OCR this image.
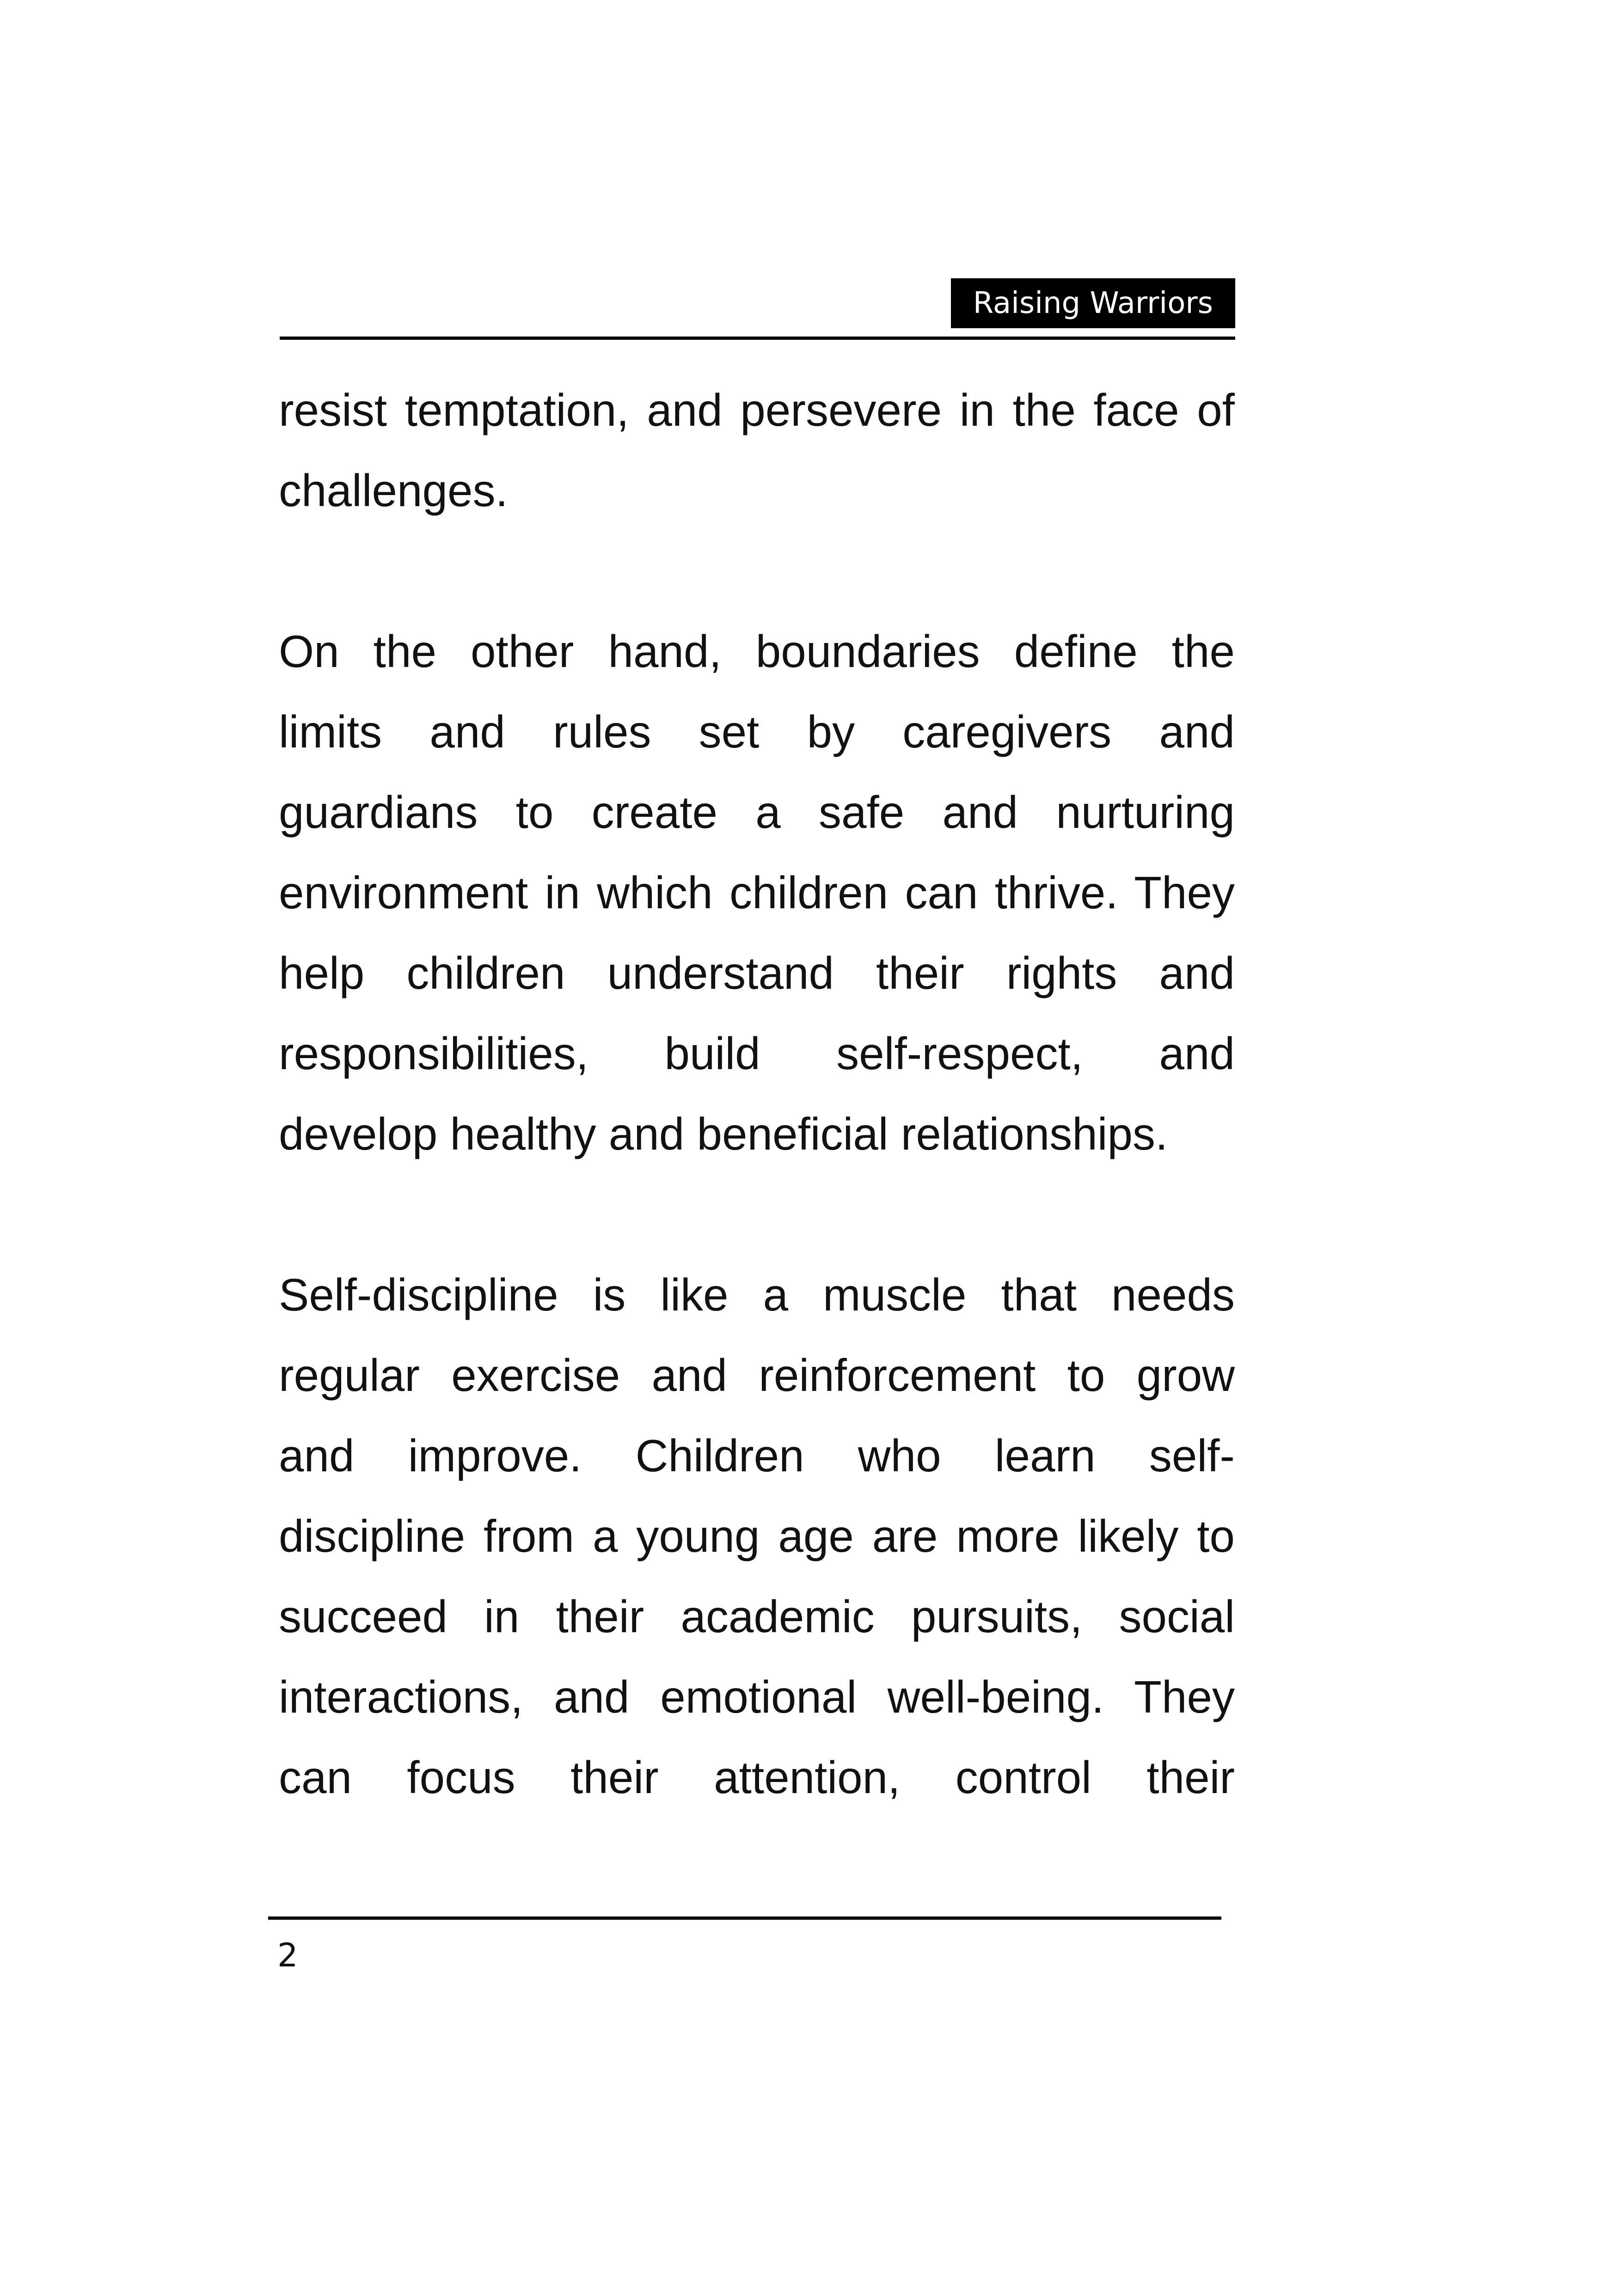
Raising Warriors
resist temptation, and persevere in the face of
challenges.
On the other hand, boundaries define the
limits and rules set by caregivers and
guardians to create a safe and nurturing
environment in which children can thrive. They
help children understand their rights and
responsibilities, build self-respect, and
develop healthy and beneficial relationships.
Self-discipline is like a muscle that needs
regular exercise and reinforcement to grow
and improve. Children who learn self-
discipline from a young age are more likely to
succeed in their academic pursuits, social
interactions, and emotional well-being. They
can focus their attention, control their
2
